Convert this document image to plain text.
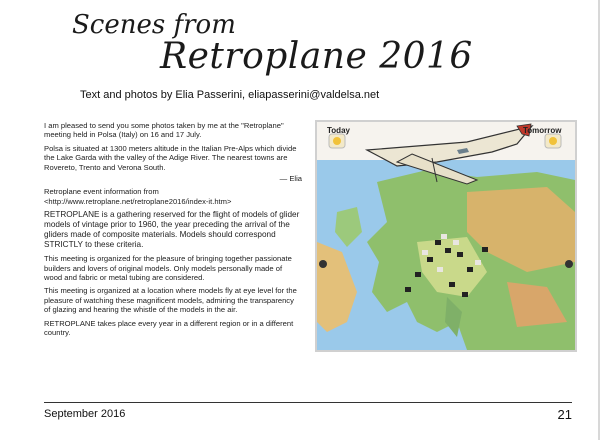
Scenes from
Retroplane 2016
Text and photos by Elia Passerini, eliapasserini@valdelsa.net

I am pleased to send you some photos taken by me at the "Retroplane" meeting held in Polsa (Italy) on 16 and 17 July.

Polsa is situated at 1300 meters altitude in the Italian Pre-Alps which divide the Lake Garda with the valley of the Adige River. The nearest towns are Rovereto, Trento and Verona South.

— Elia

Retroplane event information from <http://www.retroplane.net/retroplane2016/index-it.htm>

RETROPLANE is a gathering reserved for the flight of models of glider models of vintage prior to 1960, the year preceding the arrival of the gliders made of composite materials. Models should correspond STRICTLY to these criteria.

This meeting is organized for the pleasure of bringing together passionate builders and lovers of original models. Only models personally made of wood and fabric or metal tubing are considered.

This meeting is organized at a location where models fly at eye level for the pleasure of watching these magnificent models, admiring the transparency of glazing and hearing the whistle of the models in the air.

RETROPLANE takes place every year in a different region or in a different country.

Today	Tomorrow
September 2016	21
